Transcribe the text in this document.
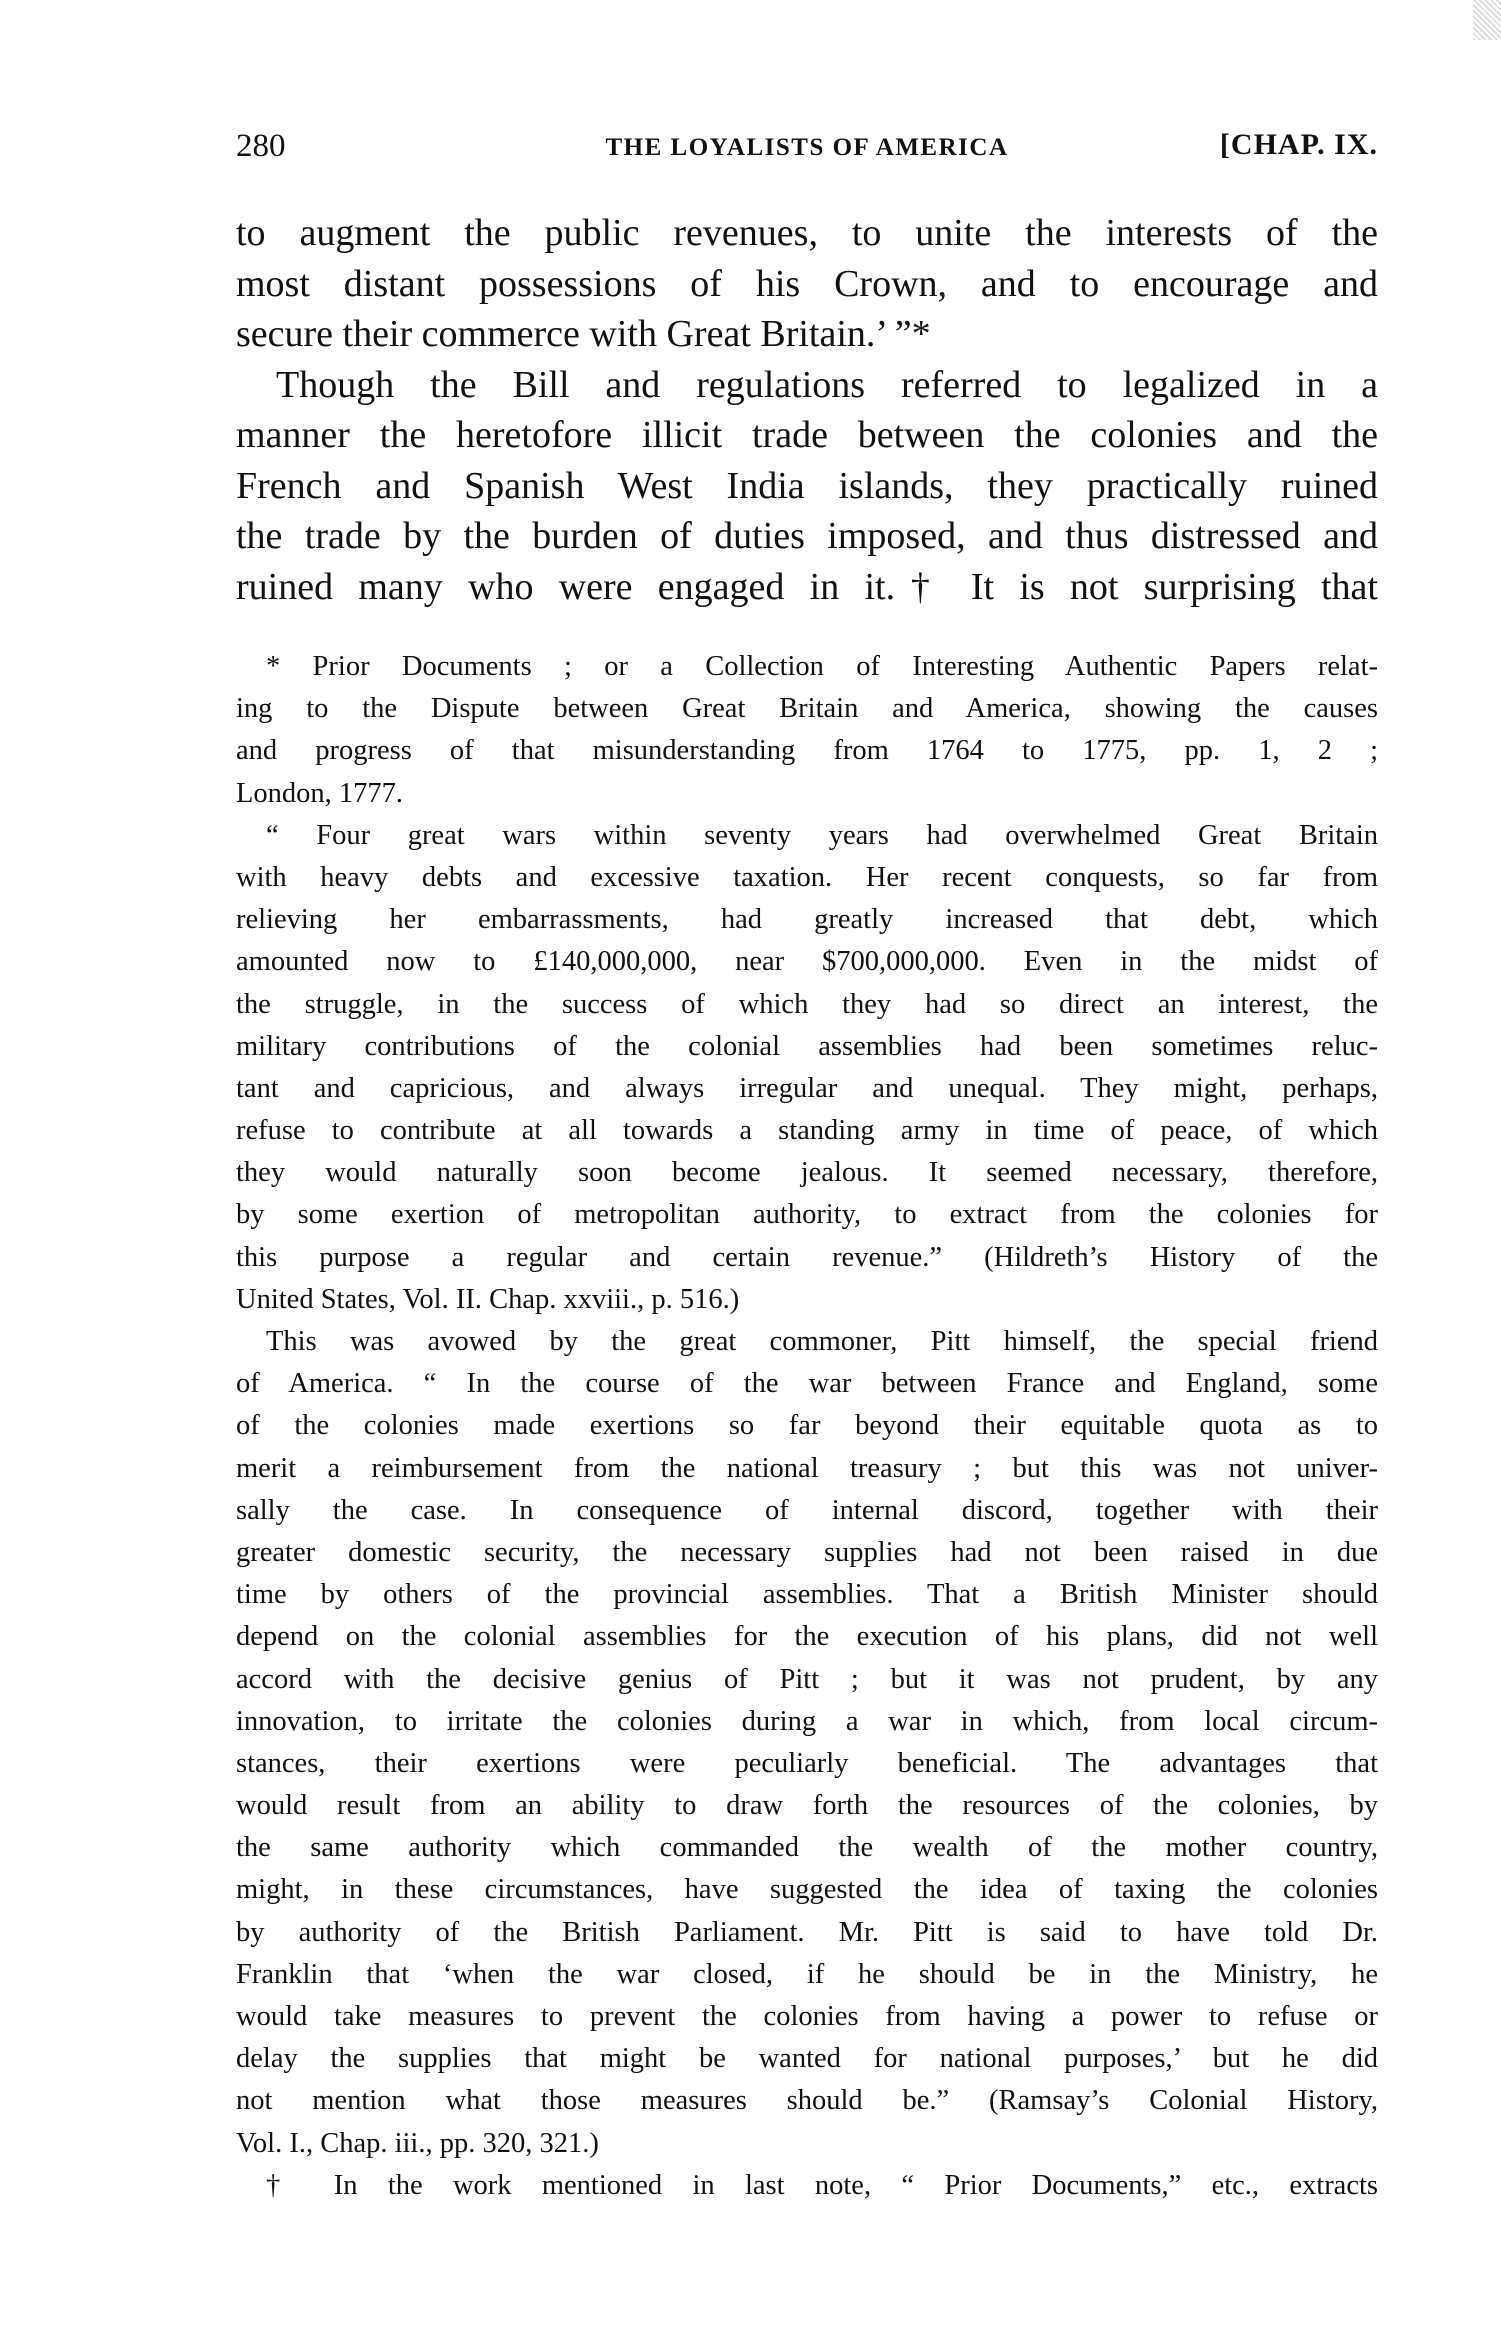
280	THE LOYALISTS OF AMERICA	[CHAP. IX.
to augment the public revenues, to unite the interests of the
most distant possessions of his Crown, and to encourage and
secure their commerce with Great Britain.’ ”*
Though the Bill and regulations referred to legalized in a
manner the heretofore illicit trade between the colonies and the
French and Spanish West India islands, they practically ruined
the trade by the burden of duties imposed, and thus distressed and
ruined many who were engaged in it.† It is not surprising that
* Prior Documents ; or a Collection of Interesting Authentic Papers relat-
ing to the Dispute between Great Britain and America, showing the causes
and progress of that misunderstanding from 1764 to 1775, pp. 1, 2 ;
London, 1777.
“ Four great wars within seventy years had overwhelmed Great Britain
with heavy debts and excessive taxation. Her recent conquests, so far from
relieving her embarrassments, had greatly increased that debt, which
amounted now to £140,000,000, near $700,000,000. Even in the midst of
the struggle, in the success of which they had so direct an interest, the
military contributions of the colonial assemblies had been sometimes reluc-
tant and capricious, and always irregular and unequal. They might, perhaps,
refuse to contribute at all towards a standing army in time of peace, of which
they would naturally soon become jealous. It seemed necessary, therefore,
by some exertion of metropolitan authority, to extract from the colonies for
this purpose a regular and certain revenue.” (Hildreth’s History of the
United States, Vol. II. Chap. xxviii., p. 516.)
This was avowed by the great commoner, Pitt himself, the special friend
of America. “ In the course of the war between France and England, some
of the colonies made exertions so far beyond their equitable quota as to
merit a reimbursement from the national treasury ; but this was not univer-
sally the case. In consequence of internal discord, together with their
greater domestic security, the necessary supplies had not been raised in due
time by others of the provincial assemblies. That a British Minister should
depend on the colonial assemblies for the execution of his plans, did not well
accord with the decisive genius of Pitt ; but it was not prudent, by any
innovation, to irritate the colonies during a war in which, from local circum-
stances, their exertions were peculiarly beneficial. The advantages that
would result from an ability to draw forth the resources of the colonies, by
the same authority which commanded the wealth of the mother country,
might, in these circumstances, have suggested the idea of taxing the colonies
by authority of the British Parliament. Mr. Pitt is said to have told Dr.
Franklin that ‘when the war closed, if he should be in the Ministry, he
would take measures to prevent the colonies from having a power to refuse or
delay the supplies that might be wanted for national purposes,’ but he did
not mention what those measures should be.” (Ramsay’s Colonial History,
Vol. I., Chap. iii., pp. 320, 321.)
† In the work mentioned in last note, “ Prior Documents,” etc., extracts
